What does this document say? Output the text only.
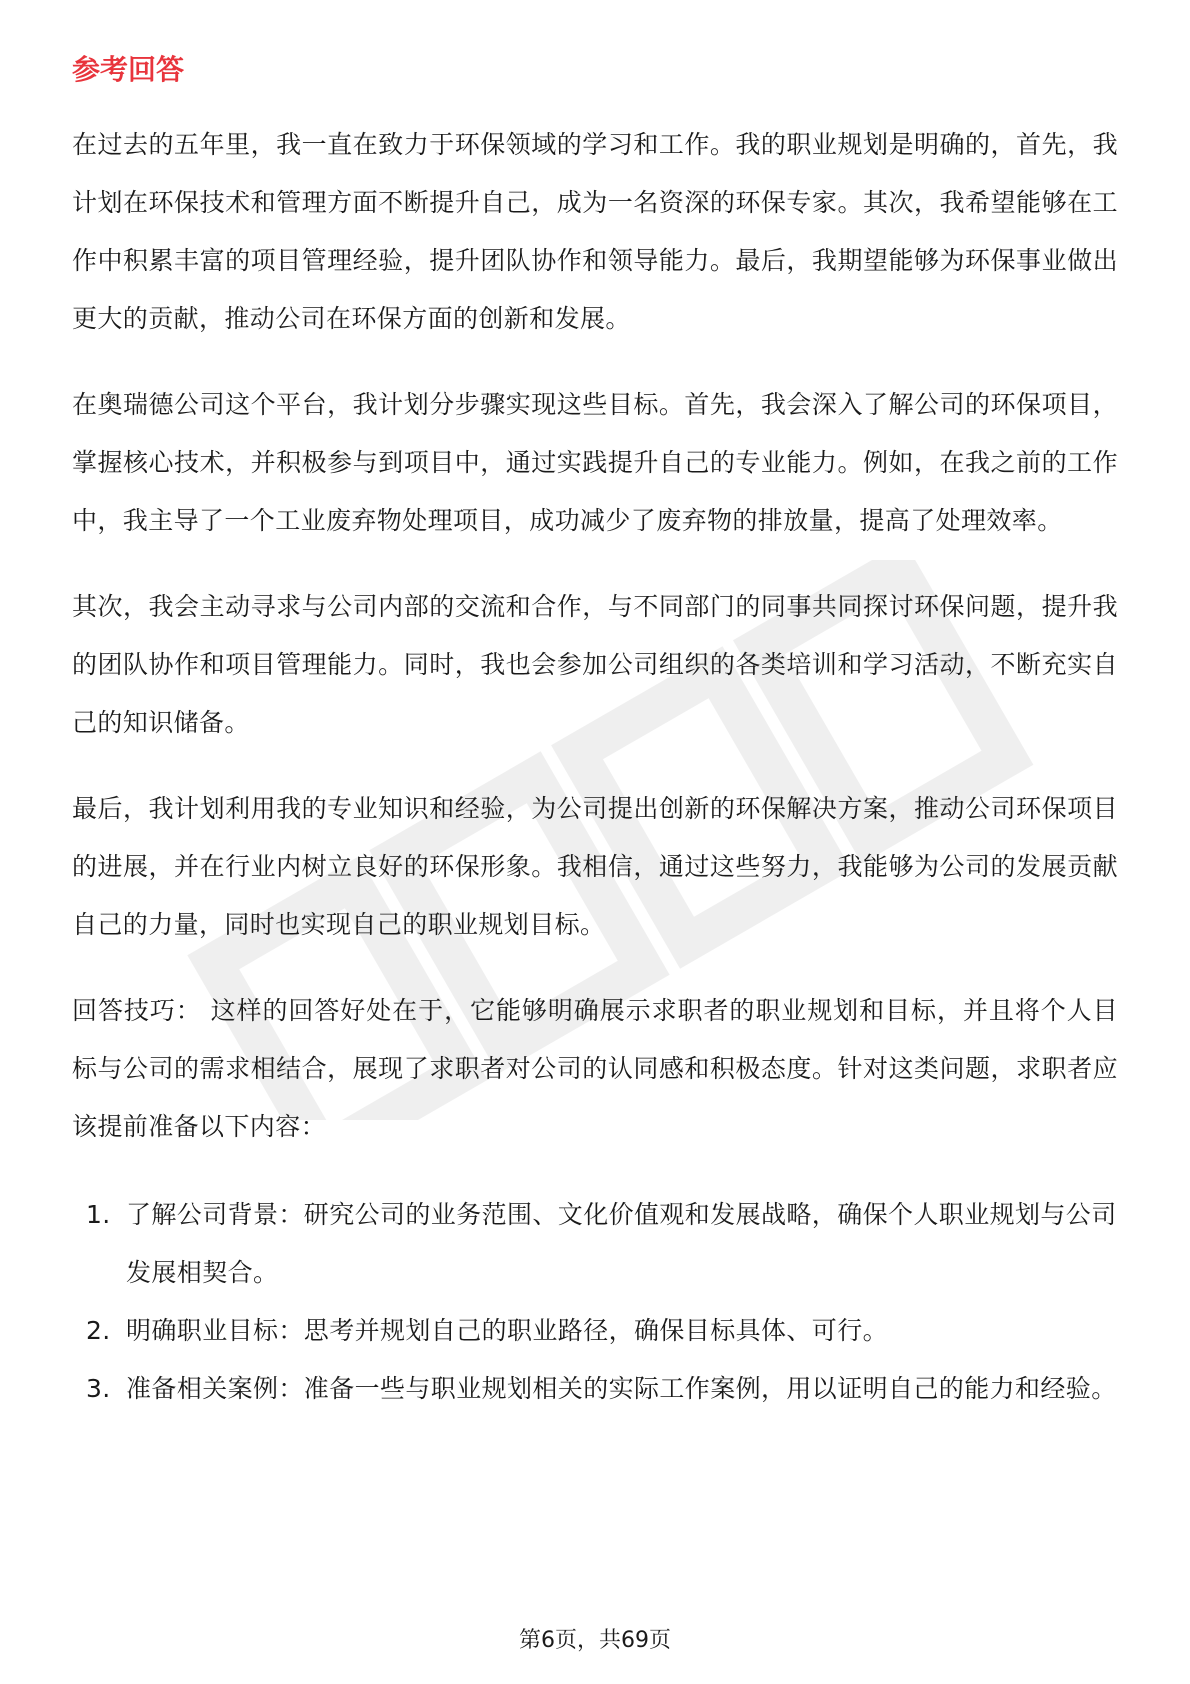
参考回答

在过去的五年里，我一直在致力于环保领域的学习和工作。我的职业规划是明确的，首先，我计划在环保技术和管理方面不断提升自己，成为一名资深的环保专家。其次，我希望能够在工作中积累丰富的项目管理经验，提升团队协作和领导能力。最后，我期望能够为环保事业做出更大的贡献，推动公司在环保方面的创新和发展。

在奥瑞德公司这个平台，我计划分步骤实现这些目标。首先，我会深入了解公司的环保项目，掌握核心技术，并积极参与到项目中，通过实践提升自己的专业能力。例如，在我之前的工作中，我主导了一个工业废弃物处理项目，成功减少了废弃物的排放量，提高了处理效率。

其次，我会主动寻求与公司内部的交流和合作，与不同部门的同事共同探讨环保问题，提升我的团队协作和项目管理能力。同时，我也会参加公司组织的各类培训和学习活动，不断充实自己的知识储备。

最后，我计划利用我的专业知识和经验，为公司提出创新的环保解决方案，推动公司环保项目的进展，并在行业内树立良好的环保形象。我相信，通过这些努力，我能够为公司的发展贡献自己的力量，同时也实现自己的职业规划目标。

回答技巧： 这样的回答好处在于，它能够明确展示求职者的职业规划和目标，并且将个人目标与公司的需求相结合，展现了求职者对公司的认同感和积极态度。针对这类问题，求职者应该提前准备以下内容：

1. 了解公司背景：研究公司的业务范围、文化价值观和发展战略，确保个人职业规划与公司发展相契合。
2. 明确职业目标：思考并规划自己的职业路径，确保目标具体、可行。
3. 准备相关案例：准备一些与职业规划相关的实际工作案例，用以证明自己的能力和经验。
第6页，共69页
